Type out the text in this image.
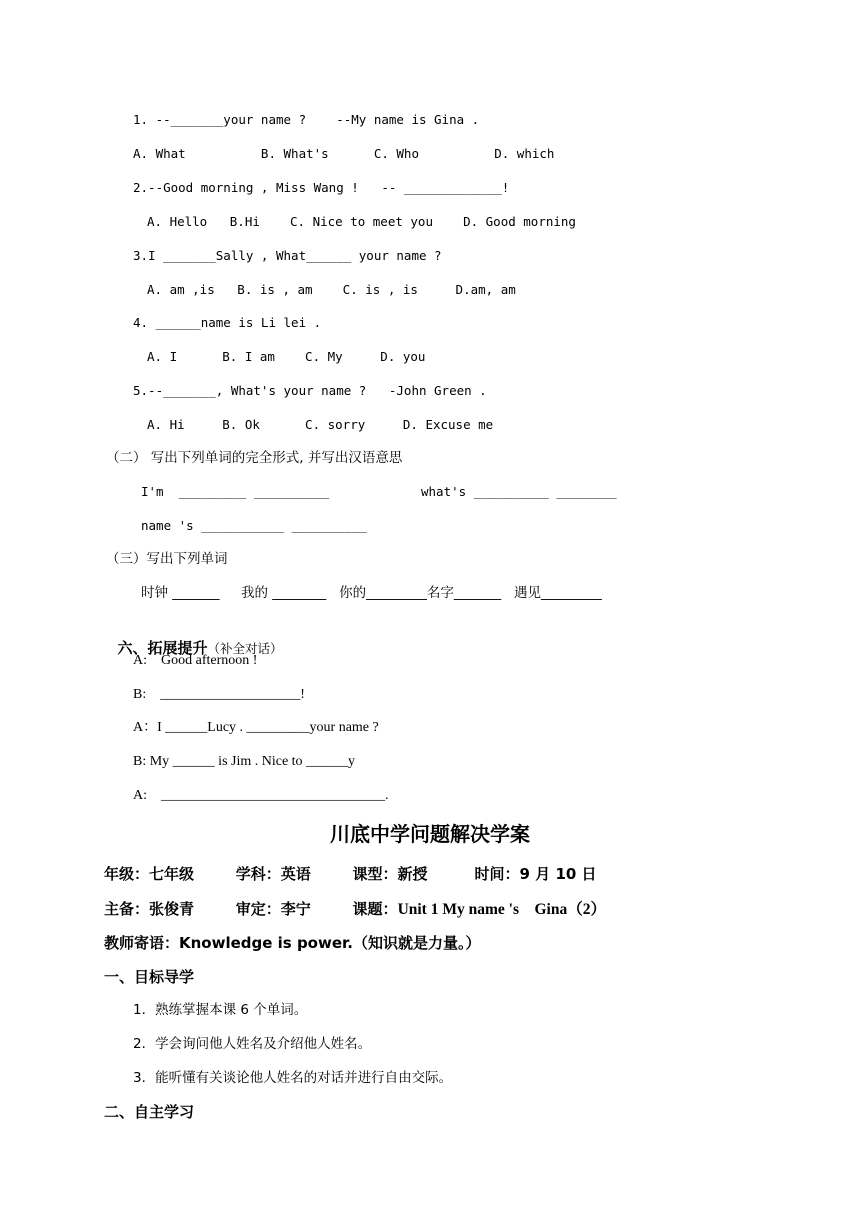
1. --_______your name ?    --My name is Gina .
A. What          B. What's      C. Who          D. which
2.--Good morning , Miss Wang !   -- _____________!
A. Hello   B.Hi    C. Nice to meet you    D. Good morning
3.I _______Sally , What______ your name ?
A. am ,is   B. is , am    C. is , is     D.am, am
4. ______name is Li lei .
A. I      B. I am    C. My     D. you
5.--_______, What's your name ?   -John Green .
A. Hi     B. Ok      C. sorry     D. Excuse me
（二） 写出下列单词的完全形式, 并写出汉语意思
I'm  _________ __________	what's __________ ________
name 's ___________ __________
（三）写出下列单词
时钟 _______     我的 ________   你的_________名字_______   遇见_________

六、拓展提升（补全对话）

A:    Good afternoon !
B:    ____________________!
A：I ______Lucy . _________your name ?
B: My ______ is Jim . Nice to ______y
A:    ________________________________.
川底中学问题解决学案
年级：七年级        学科：英语        课型：新授         时间：9 月 10 日
主备：张俊青        审定：李宁        课题：Unit 1 My name 's    Gina（2）
教师寄语：Knowledge is power.（知识就是力量。）
一、目标导学
1．熟练掌握本课 6 个单词。
2．学会询问他人姓名及介绍他人姓名。
3．能听懂有关谈论他人姓名的对话并进行自由交际。
二、自主学习
